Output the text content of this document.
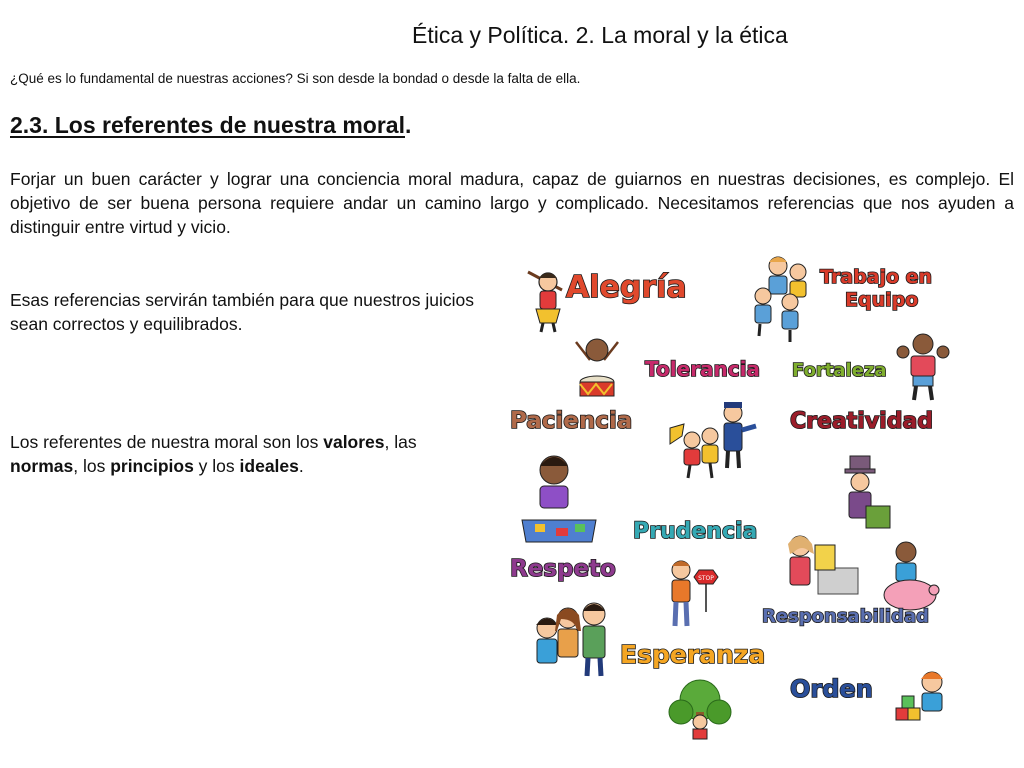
Ética y Política. 2. La moral y la ética
¿Qué es lo fundamental de nuestras acciones? Si son desde la bondad o desde la falta de ella.
2.3. Los referentes de nuestra moral.
Forjar un buen carácter y lograr una conciencia moral madura, capaz de guiarnos en nuestras decisiones, es complejo. El objetivo de ser buena persona requiere andar un camino largo y complicado. Necesitamos referencias que nos ayuden a distinguir entre virtud y vicio.
Esas referencias servirán también para que nuestros juicios sean correctos y equilibrados.
Los referentes de nuestra moral son los valores, las
normas, los principios y los ideales.
Alegría	Trabajo en
Equipo
Tolerancia Fortaleza
Paciencia	Creatividad
Prudencia
Respeto	STOP
Responsabilidad
Esperanza
Orden
